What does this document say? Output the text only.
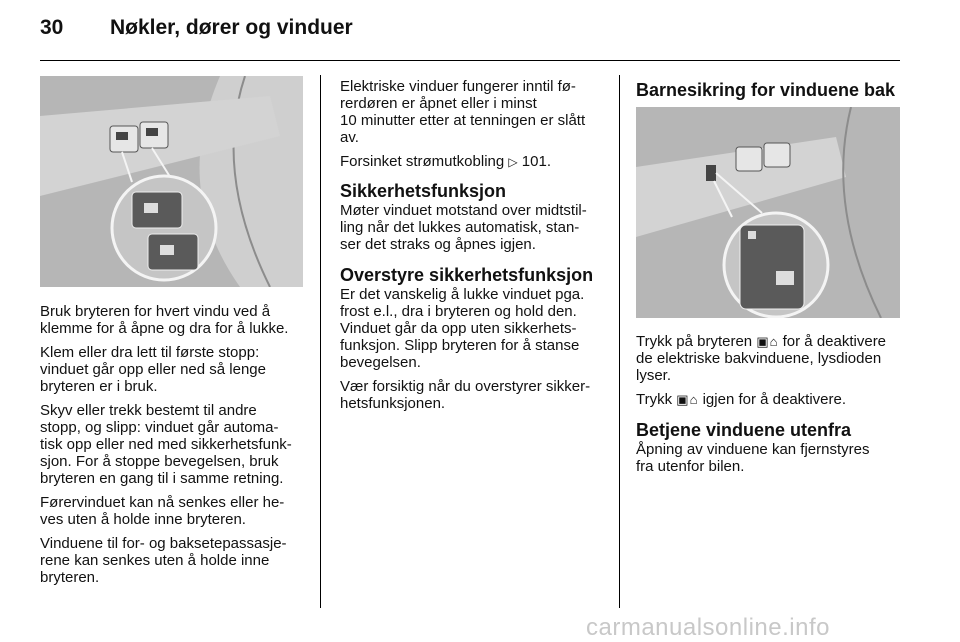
30 Nøkler, dører og vinduer

Bruk bryteren for hvert vindu ved å
klemme for å åpne og dra for å lukke.

Klem eller dra lett til første stopp:
vinduet går opp eller ned så lenge
bryteren er i bruk.

Skyv eller trekk bestemt til andre
stopp, og slipp: vinduet går automa-
tisk opp eller ned med sikkerhetsfunk-
sjon. For å stoppe bevegelsen, bruk
bryteren en gang til i samme retning.

Førervinduet kan nå senkes eller he-
ves uten å holde inne bryteren.

Vinduene til for- og baksetepassasje-
rene kan senkes uten å holde inne
bryteren.

Elektriske vinduer fungerer inntil fø-
rerdøren er åpnet eller i minst
10 minutter etter at tenningen er slått
av.

Forsinket strømutkobling ▷ 101.

Sikkerhetsfunksjon

Møter vinduet motstand over midtstil-
ling når det lukkes automatisk, stan-
ser det straks og åpnes igjen.

Overstyre sikkerhetsfunksjon

Er det vanskelig å lukke vinduet pga.
frost e.l., dra i bryteren og hold den.
Vinduet går da opp uten sikkerhets-
funksjon. Slipp bryteren for å stanse
bevegelsen.

Vær forsiktig når du overstyrer sikker-
hetsfunksjonen.

Barnesikring for vinduene bak

Trykk på bryteren ▣⌂ for å deaktivere
de elektriske bakvinduene, lysdioden
lyser.

Trykk ▣⌂ igjen for å deaktivere.

Betjene vinduene utenfra

Åpning av vinduene kan fjernstyres
fra utenfor bilen.

carmanualsonline.info
